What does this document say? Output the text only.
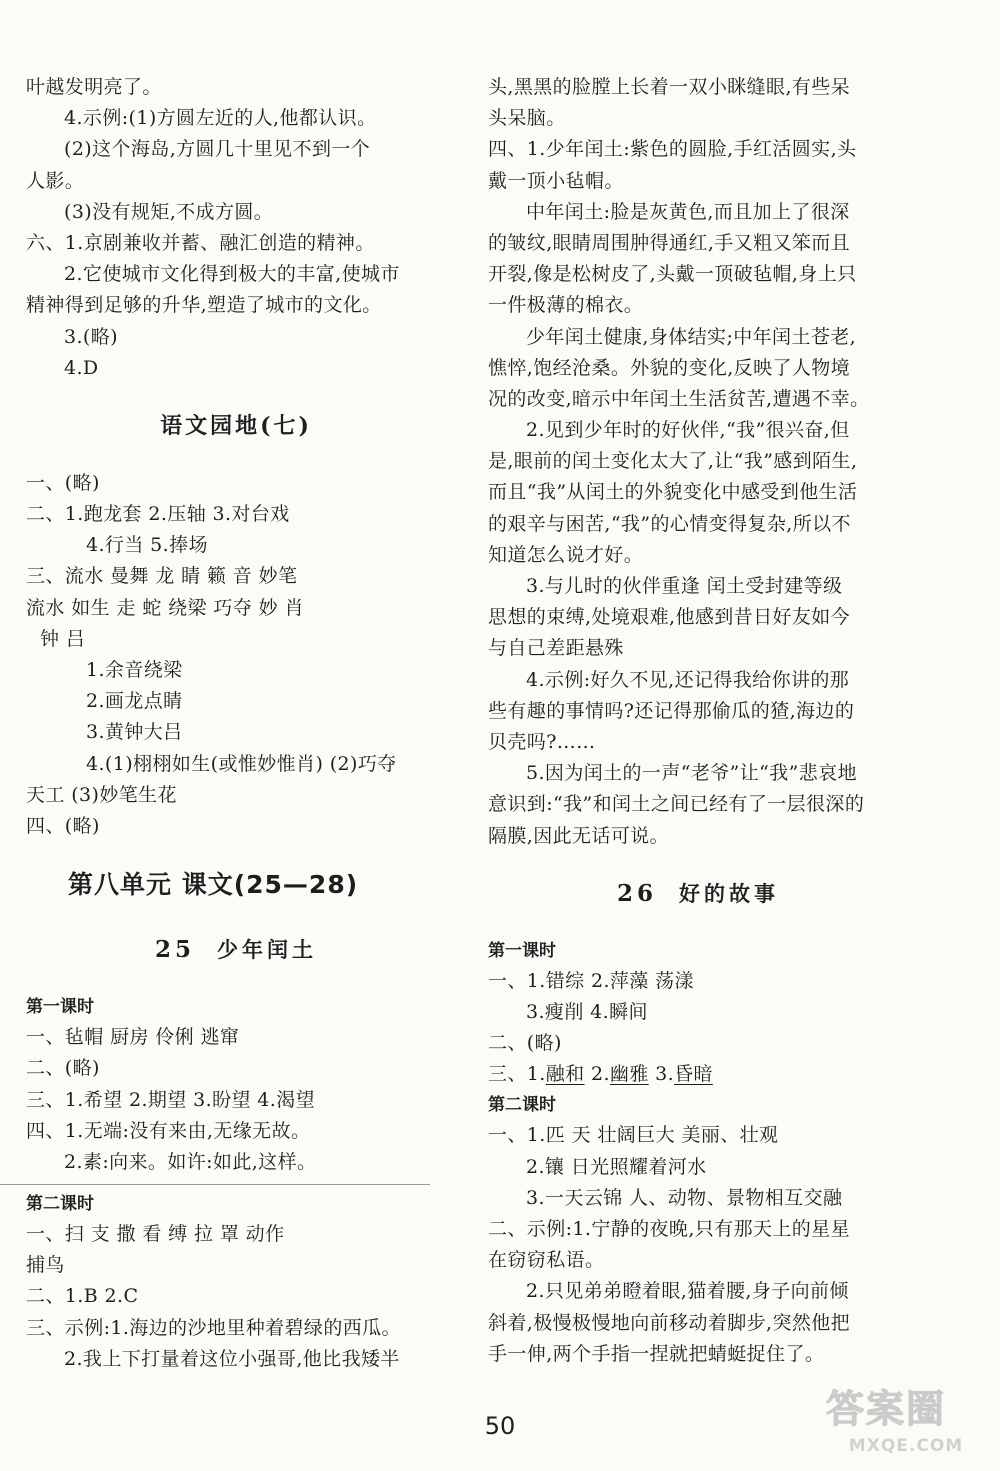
叶越发明亮了。
4.示例:(1)方圆左近的人,他都认识。
(2)这个海岛,方圆几十里见不到一个
人影。
(3)没有规矩,不成方圆。
六、1.京剧兼收并蓄、融汇创造的精神。
2.它使城市文化得到极大的丰富,使城市
精神得到足够的升华,塑造了城市的文化。
3.(略)
4.D
语文园地(七)
一、(略)
二、1.跑龙套 2.压轴 3.对台戏
4.行当 5.捧场
三、流水 曼舞 龙 睛 籁 音 妙笔
流水 如生 走 蛇 绕梁 巧夺 妙 肖
钟 吕
1.余音绕梁
2.画龙点睛
3.黄钟大吕
4.(1)栩栩如生(或惟妙惟肖) (2)巧夺
天工 (3)妙笔生花
四、(略)
第八单元 课文(25—28)
25 少年闰土
第一课时
一、毡帽 厨房 伶俐 逃窜
二、(略)
三、1.希望 2.期望 3.盼望 4.渴望
四、1.无端:没有来由,无缘无故。
2.素:向来。如许:如此,这样。
第二课时
一、扫 支 撒 看 缚 拉 罩 动作
捕鸟
二、1.B 2.C
三、示例:1.海边的沙地里种着碧绿的西瓜。
2.我上下打量着这位小强哥,他比我矮半
头,黑黑的脸膛上长着一双小眯缝眼,有些呆
头呆脑。
四、1.少年闰土:紫色的圆脸,手红活圆实,头
戴一顶小毡帽。
中年闰土:脸是灰黄色,而且加上了很深
的皱纹,眼睛周围肿得通红,手又粗又笨而且
开裂,像是松树皮了,头戴一顶破毡帽,身上只
一件极薄的棉衣。
少年闰土健康,身体结实;中年闰土苍老,
憔悴,饱经沧桑。外貌的变化,反映了人物境
况的改变,暗示中年闰土生活贫苦,遭遇不幸。
2.见到少年时的好伙伴,“我”很兴奋,但
是,眼前的闰土变化太大了,让“我”感到陌生,
而且“我”从闰土的外貌变化中感受到他生活
的艰辛与困苦,“我”的心情变得复杂,所以不
知道怎么说才好。
3.与儿时的伙伴重逢 闰土受封建等级
思想的束缚,处境艰难,他感到昔日好友如今
与自己差距悬殊
4.示例:好久不见,还记得我给你讲的那
些有趣的事情吗?还记得那偷瓜的猹,海边的
贝壳吗?……
5.因为闰土的一声“老爷”让“我”悲哀地
意识到:“我”和闰土之间已经有了一层很深的
隔膜,因此无话可说。
26 好的故事
第一课时
一、1.错综 2.萍藻 荡漾
3.瘦削 4.瞬间
二、(略)
三、1.融和 2.幽雅 3.昏暗
第二课时
一、1.匹 天 壮阔巨大 美丽、壮观
2.镶 日光照耀着河水
3.一天云锦 人、动物、景物相互交融
二、示例:1.宁静的夜晚,只有那天上的星星
在窃窃私语。
2.只见弟弟瞪着眼,猫着腰,身子向前倾
斜着,极慢极慢地向前移动着脚步,突然他把
手一伸,两个手指一捏就把蜻蜓捉住了。
50	答案圈
MXQE.COM
